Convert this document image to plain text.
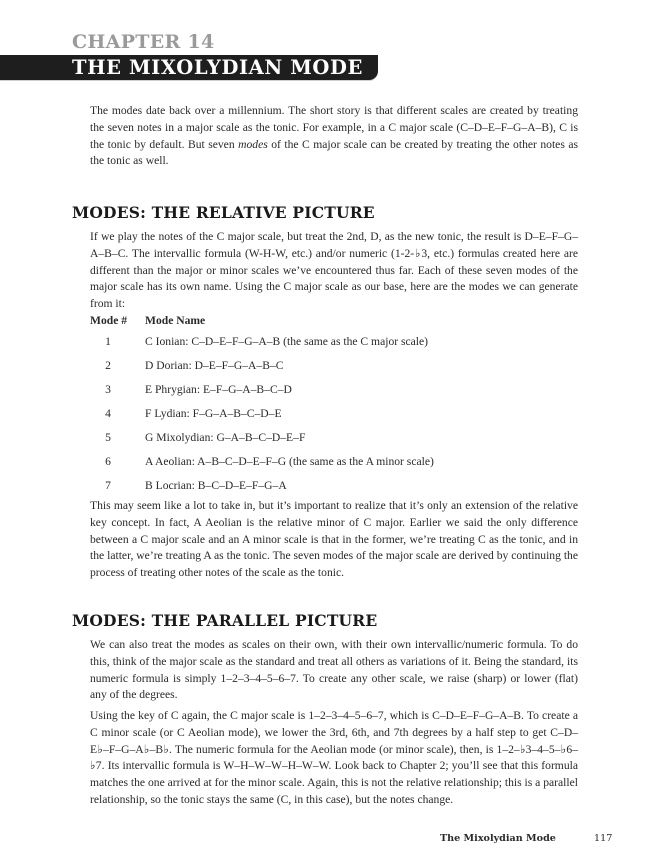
CHAPTER 14
THE MIXOLYDIAN MODE

The modes date back over a millennium. The short story is that different scales are created by treating the seven notes in a major scale as the tonic. For example, in a C major scale (C–D–E–F–G–A–B), C is the tonic by default. But seven modes of the C major scale can be created by treating the other notes as the tonic as well.

MODES: THE RELATIVE PICTURE

If we play the notes of the C major scale, but treat the 2nd, D, as the new tonic, the result is D–E–F–G–A–B–C. The intervallic formula (W-H-W, etc.) and/or numeric (1-2-♭3, etc.) formulas created here are different than the major or minor scales we’ve encountered thus far. Each of these seven modes of the major scale has its own name. Using the C major scale as our base, here are the modes we can generate from it:

Mode #	Mode Name
1	C Ionian: C–D–E–F–G–A–B (the same as the C major scale)
2	D Dorian: D–E–F–G–A–B–C
3	E Phrygian: E–F–G–A–B–C–D
4	F Lydian: F–G–A–B–C–D–E
5	G Mixolydian: G–A–B–C–D–E–F
6	A Aeolian: A–B–C–D–E–F–G (the same as the A minor scale)
7	B Locrian: B–C–D–E–F–G–A

This may seem like a lot to take in, but it’s important to realize that it’s only an extension of the relative key concept. In fact, A Aeolian is the relative minor of C major. Earlier we said the only difference between a C major scale and an A minor scale is that in the former, we’re treating C as the tonic, and in the latter, we’re treating A as the tonic. The seven modes of the major scale are derived by continuing the process of treating other notes of the scale as the tonic.

MODES: THE PARALLEL PICTURE

We can also treat the modes as scales on their own, with their own intervallic/numeric formula. To do this, think of the major scale as the standard and treat all others as variations of it. Being the standard, its numeric formula is simply 1–2–3–4–5–6–7. To create any other scale, we raise (sharp) or lower (flat) any of the degrees.

Using the key of C again, the C major scale is 1–2–3–4–5–6–7, which is C–D–E–F–G–A–B. To create a C minor scale (or C Aeolian mode), we lower the 3rd, 6th, and 7th degrees by a half step to get C–D–E♭–F–G–A♭–B♭. The numeric formula for the Aeolian mode (or minor scale), then, is 1–2–♭3–4–5–♭6–♭7. Its intervallic formula is W–H–W–W–H–W–W. Look back to Chapter 2; you’ll see that this formula matches the one arrived at for the minor scale. Again, this is not the relative relationship; this is a parallel relationship, so the tonic stays the same (C, in this case), but the notes change.

The Mixolydian Mode	117
